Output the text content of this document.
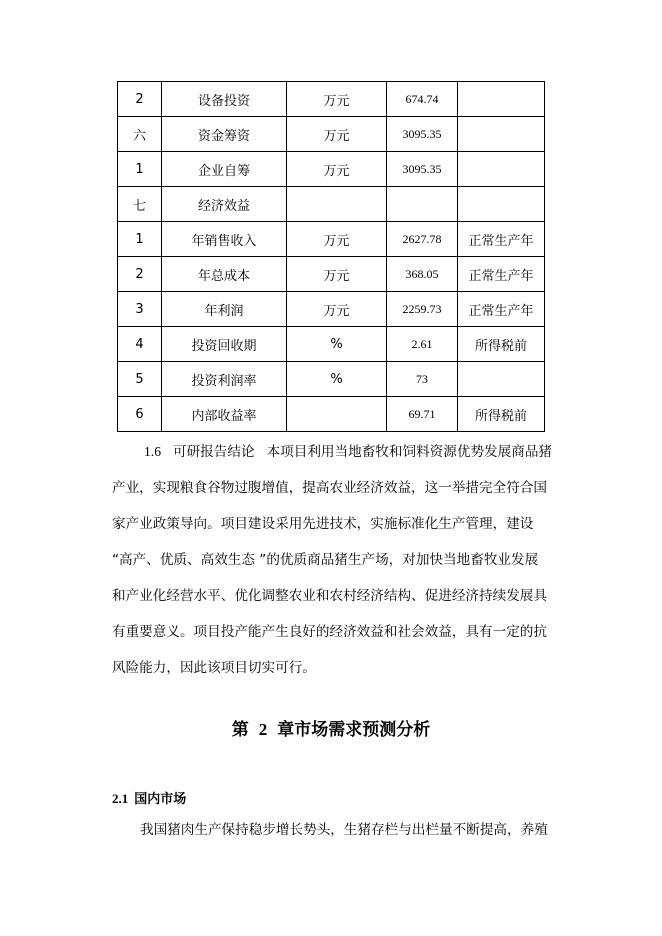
2	设备投资	万元	674.74	
六	资金筹资	万元	3095.35	
1	企业自筹	万元	3095.35	
七	经济效益			
1	年销售收入	万元	2627.78	正常生产年
2	年总成本	万元	368.05	正常生产年
3	年利润	万元	2259.73	正常生产年
4	投资回收期	%	2.61	所得税前
5	投资利润率	%	73	
6	内部收益率		69.71	所得税前
1.6 可研报告结论 本项目利用当地畜牧和饲料资源优势发展商品猪
产业，实现粮食谷物过腹增值，提高农业经济效益，这一举措完全符合国
家产业政策导向。项目建设采用先进技术，实施标准化生产管理，建设
“高产、优质、高效生态 ”的优质商品猪生产场，对加快当地畜牧业发展
和产业化经营水平、优化调整农业和农村经济结构、促进经济持续发展具
有重要意义。项目投产能产生良好的经济效益和社会效益，具有一定的抗
风险能力，因此该项目切实可行。
第 2 章市场需求预测分析
2.1 国内市场
我国猪肉生产保持稳步增长势头，生猪存栏与出栏量不断提高，养殖
